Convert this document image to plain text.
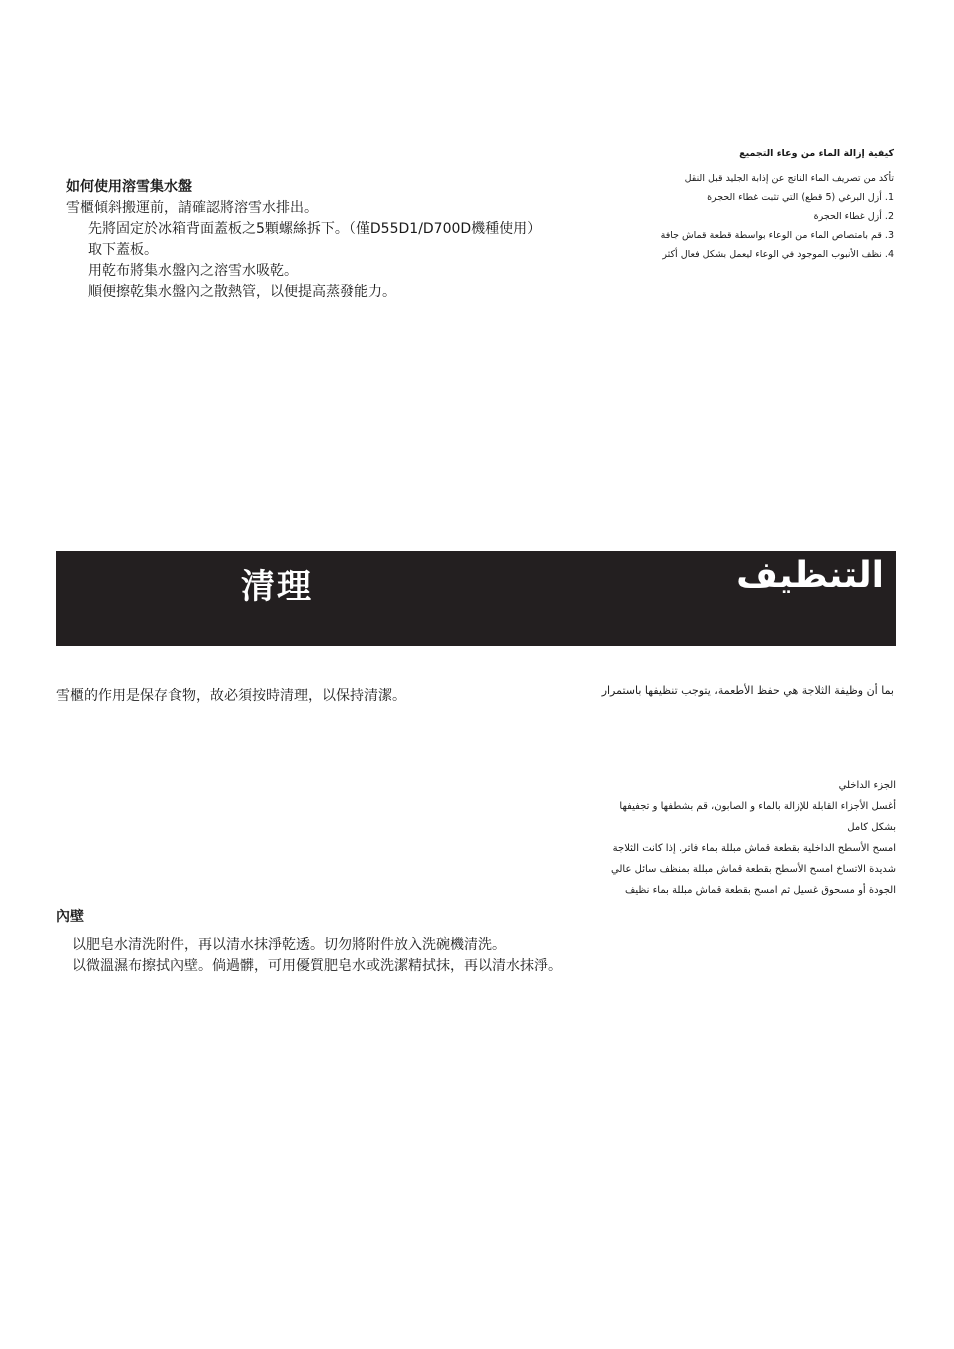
كيفية إزالة الماء من وعاء التجميع
تأكد من تصريف الماء الناتج عن إذابة الجليد قبل النقل
1. أزل البرغي (5 قطع) التي تثبت غطاء الحجرة
2. أزل غطاء الحجرة
3. قم بامتصاص الماء من الوعاء بواسطة قطعة قماش جافة
4. نظف الأنبوب الموجود في الوعاء ليعمل بشكل فعال أكثر
如何使用溶雪集水盤
雪櫃傾斜搬運前，請確認將溶雪水排出。
先將固定於冰箱背面蓋板之5顆螺絲拆下。（僅D55D1/D700D機種使用）
取下蓋板。
用乾布將集水盤內之溶雪水吸乾。
順便擦乾集水盤內之散熱管，以便提高蒸發能力。
清理	التنظيف
雪櫃的作用是保存食物，故必須按時清理，以保持清潔。	بما أن وظيفة الثلاجة هي حفظ الأطعمة، يتوجب تنظيفها باستمرار
الجزء الداخلي
أغسل الأجزاء القابلة للإزالة بالماء و الصابون، قم بشطفها و تجفيفها
بشكل كامل
امسح الأسطح الداخلية بقطعة قماش مبللة بماء فاتر. إذا كانت الثلاجة
شديدة الاتساخ امسح الأسطح بقطعة قماش مبللة بمنظف سائل عالي
الجودة أو مسحوق غسيل ثم امسح بقطعة قماش مبللة بماء نظيف
內壁
以肥皂水清洗附件，再以清水抹淨乾透。切勿將附件放入洗碗機清洗。
以微溫濕布擦拭內壁。倘過髒，可用優質肥皂水或洗潔精拭抹，再以清水抹淨。
